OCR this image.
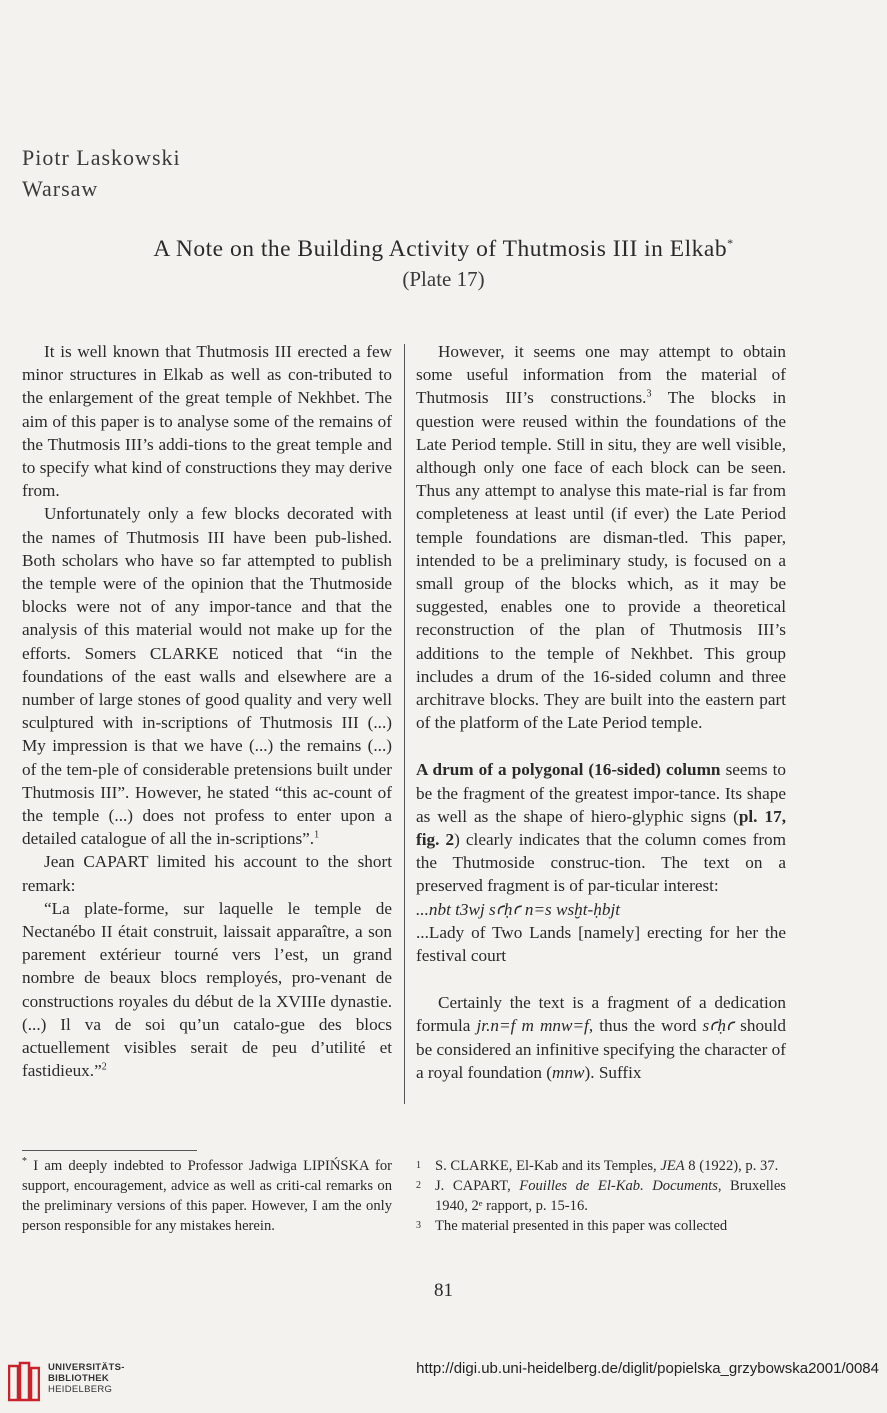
Piotr Laskowski
Warsaw
A Note on the Building Activity of Thutmosis III in Elkab*
(Plate 17)

It is well known that Thutmosis III erected a few minor structures in Elkab as well as con-tributed to the enlargement of the great temple of Nekhbet. The aim of this paper is to analyse some of the remains of the Thutmosis III’s addi-tions to the great temple and to specify what kind of constructions they may derive from.

Unfortunately only a few blocks decorated with the names of Thutmosis III have been pub-lished. Both scholars who have so far attempted to publish the temple were of the opinion that the Thutmoside blocks were not of any impor-tance and that the analysis of this material would not make up for the efforts. Somers CLARKE noticed that “in the foundations of the east walls and elsewhere are a number of large stones of good quality and very well sculptured with in-scriptions of Thutmosis III (...) My impression is that we have (...) the remains (...) of the tem-ple of considerable pretensions built under Thutmosis III”. However, he stated “this ac-count of the temple (...) does not profess to enter upon a detailed catalogue of all the in-scriptions”.$^1$

Jean CAPART limited his account to the short remark:

“La plate-forme, sur laquelle le temple de Nectanébo II était construit, laissait apparaître, a son parement extérieur tourné vers l’est, un grand nombre de beaux blocs remployés, pro-venant de constructions royales du début de la XVIIIe dynastie. (...) Il va de soi qu’un catalo-gue des blocs actuellement visibles serait de peu d’utilité et fastidieux.”$^2$

However, it seems one may attempt to obtain some useful information from the material of Thutmosis III’s constructions.$^3$ The blocks in question were reused within the foundations of the Late Period temple. Still in situ, they are well visible, although only one face of each block can be seen. Thus any attempt to analyse this mate-rial is far from completeness at least until (if ever) the Late Period temple foundations are disman-tled. This paper, intended to be a preliminary study, is focused on a small group of the blocks which, as it may be suggested, enables one to provide a theoretical reconstruction of the plan of Thutmosis III’s additions to the temple of Nekhbet. This group includes a drum of the 16-sided column and three architrave blocks. They are built into the eastern part of the platform of the Late Period temple.

A drum of a polygonal (16-sided) column seems to be the fragment of the greatest impor-tance. Its shape as well as the shape of hiero-glyphic signs (pl. 17, fig. 2) clearly indicates that the column comes from the Thutmoside construc-tion. The text on a preserved fragment is of par-ticular interest:

...nbt t3wj sꜥḥꜥ n=s wsḫt-ḥbjt

...Lady of Two Lands [namely] erecting for her the festival court

Certainly the text is a fragment of a dedication formula jr.n=f m mnw=f, thus the word sꜥḥꜥ should be considered an infinitive specifying the character of a royal foundation (mnw). Suffix

* I am deeply indebted to Professor Jadwiga LIPIŃSKA for support, encouragement, advice as well as criti-cal remarks on the preliminary versions of this paper. However, I am the only person responsible for any mistakes herein.

1 S. CLARKE, El-Kab and its Temples, JEA 8 (1922), p. 37.

2 J. CAPART, Fouilles de El-Kab. Documents, Bruxelles 1940, 2ᵉ rapport, p. 15-16.

3 The material presented in this paper was collected

81
UNIVERSITÄTS-
BIBLIOTHEK
HEIDELBERG
http://digi.ub.uni-heidelberg.de/diglit/popielska_grzybowska2001/0084
